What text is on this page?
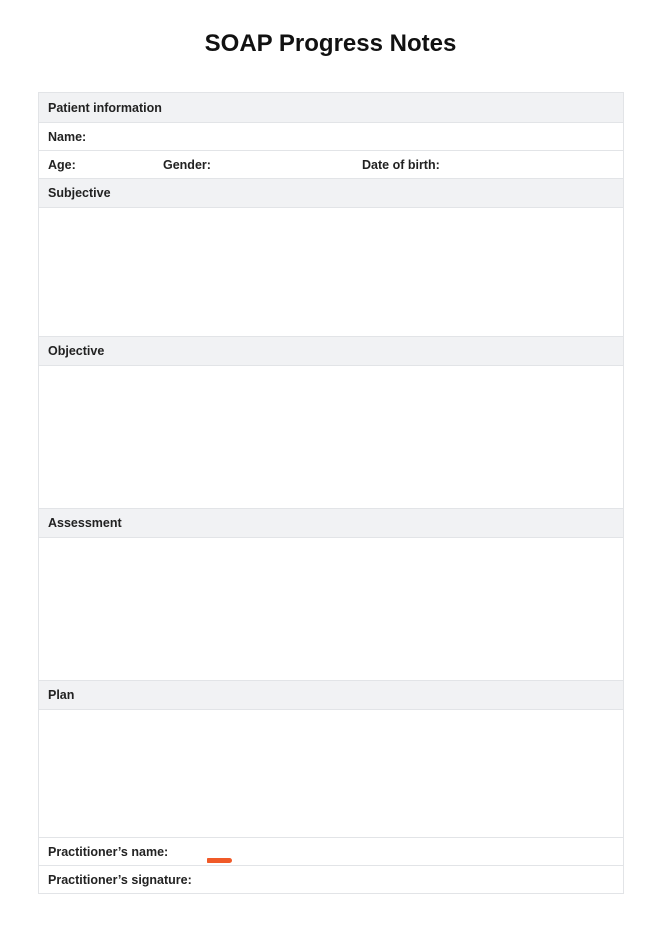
SOAP Progress Notes
Patient information
Name:
Age:	Gender:	Date of birth:
Subjective
Objective
Assessment
Plan
Practitioner’s name:
Practitioner’s signature:
